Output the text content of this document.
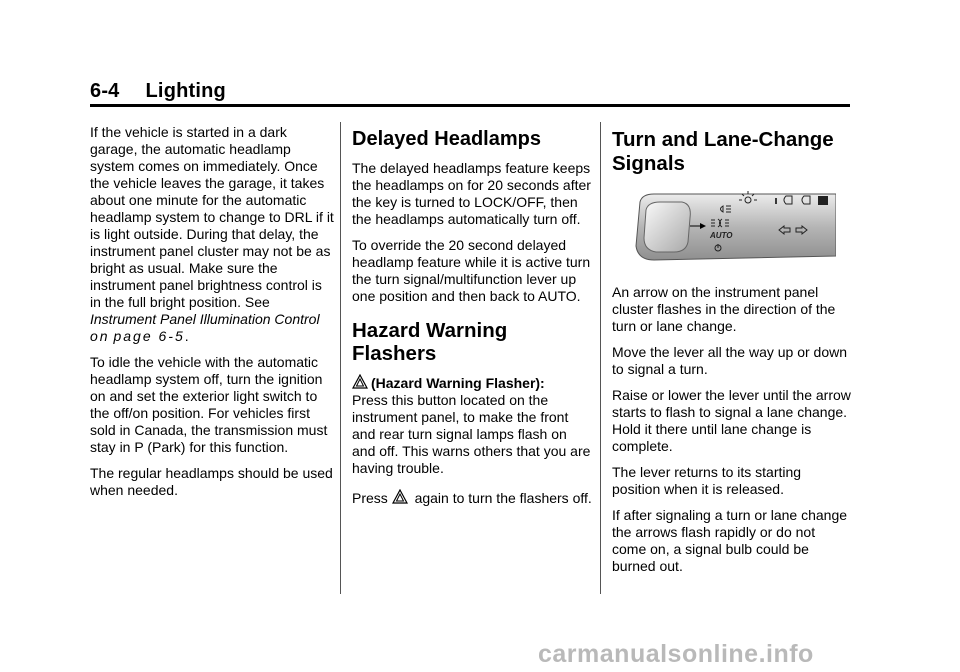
6-4 Lighting

If the vehicle is started in a dark garage, the automatic headlamp system comes on immediately. Once the vehicle leaves the garage, it takes about one minute for the automatic headlamp system to change to DRL if it is light outside. During that delay, the instrument panel cluster may not be as bright as usual. Make sure the instrument panel brightness control is in the full bright position. See Instrument Panel Illumination Control on page 6-5.

To idle the vehicle with the automatic headlamp system off, turn the ignition on and set the exterior light switch to the off/on position. For vehicles first sold in Canada, the transmission must stay in P (Park) for this function.

The regular headlamps should be used when needed.

Delayed Headlamps

The delayed headlamps feature keeps the headlamps on for 20 seconds after the key is turned to LOCK/OFF, then the headlamps automatically turn off.

To override the 20 second delayed headlamp feature while it is active turn the turn signal/multifunction lever up one position and then back to AUTO.

Hazard Warning Flashers

(Hazard Warning Flasher):
Press this button located on the instrument panel, to make the front and rear turn signal lamps flash on and off. This warns others that you are having trouble.

Press again to turn the flashers off.

Turn and Lane-Change Signals
AUTO

An arrow on the instrument panel cluster flashes in the direction of the turn or lane change.

Move the lever all the way up or down to signal a turn.

Raise or lower the lever until the arrow starts to flash to signal a lane change. Hold it there until lane change is complete.

The lever returns to its starting position when it is released.

If after signaling a turn or lane change the arrows flash rapidly or do not come on, a signal bulb could be burned out.

carmanualsonline.info
